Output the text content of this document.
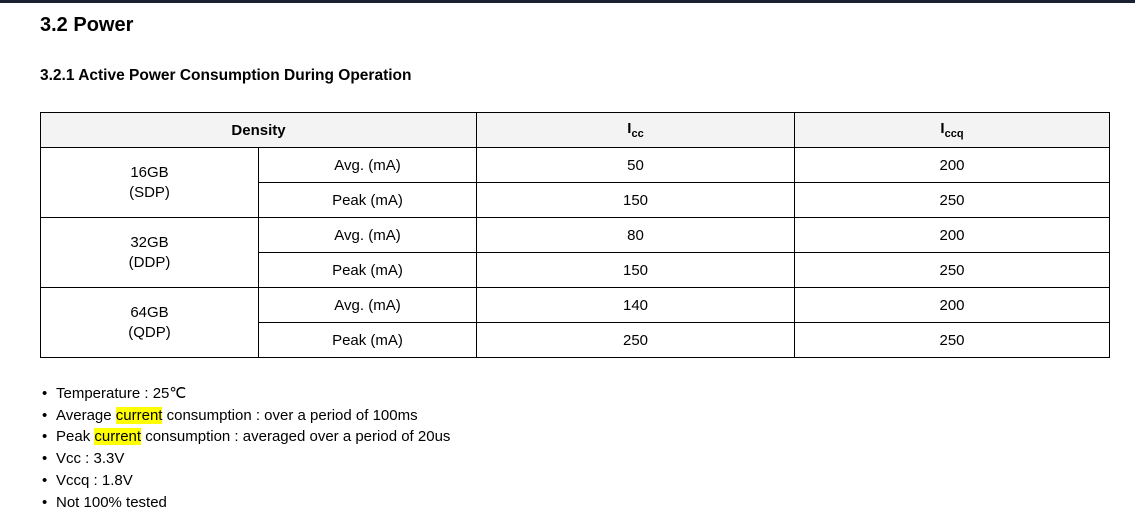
3.2 Power
3.2.1 Active Power Consumption During Operation
Density		$I_{cc}$	$I_{ccq}$

16GB
(SDP)	Avg. (mA)	50	200
	Peak (mA)	150	250

32GB
(DDP)	Avg. (mA)	80	200
	Peak (mA)	150	250

64GB
(QDP)	Avg. (mA)	140	200
	Peak (mA)	250	250
• Temperature : 25℃
• Average current consumption : over a period of 100ms
• Peak current consumption : averaged over a period of 20us
• Vcc : 3.3V
• Vccq : 1.8V
• Not 100% tested
